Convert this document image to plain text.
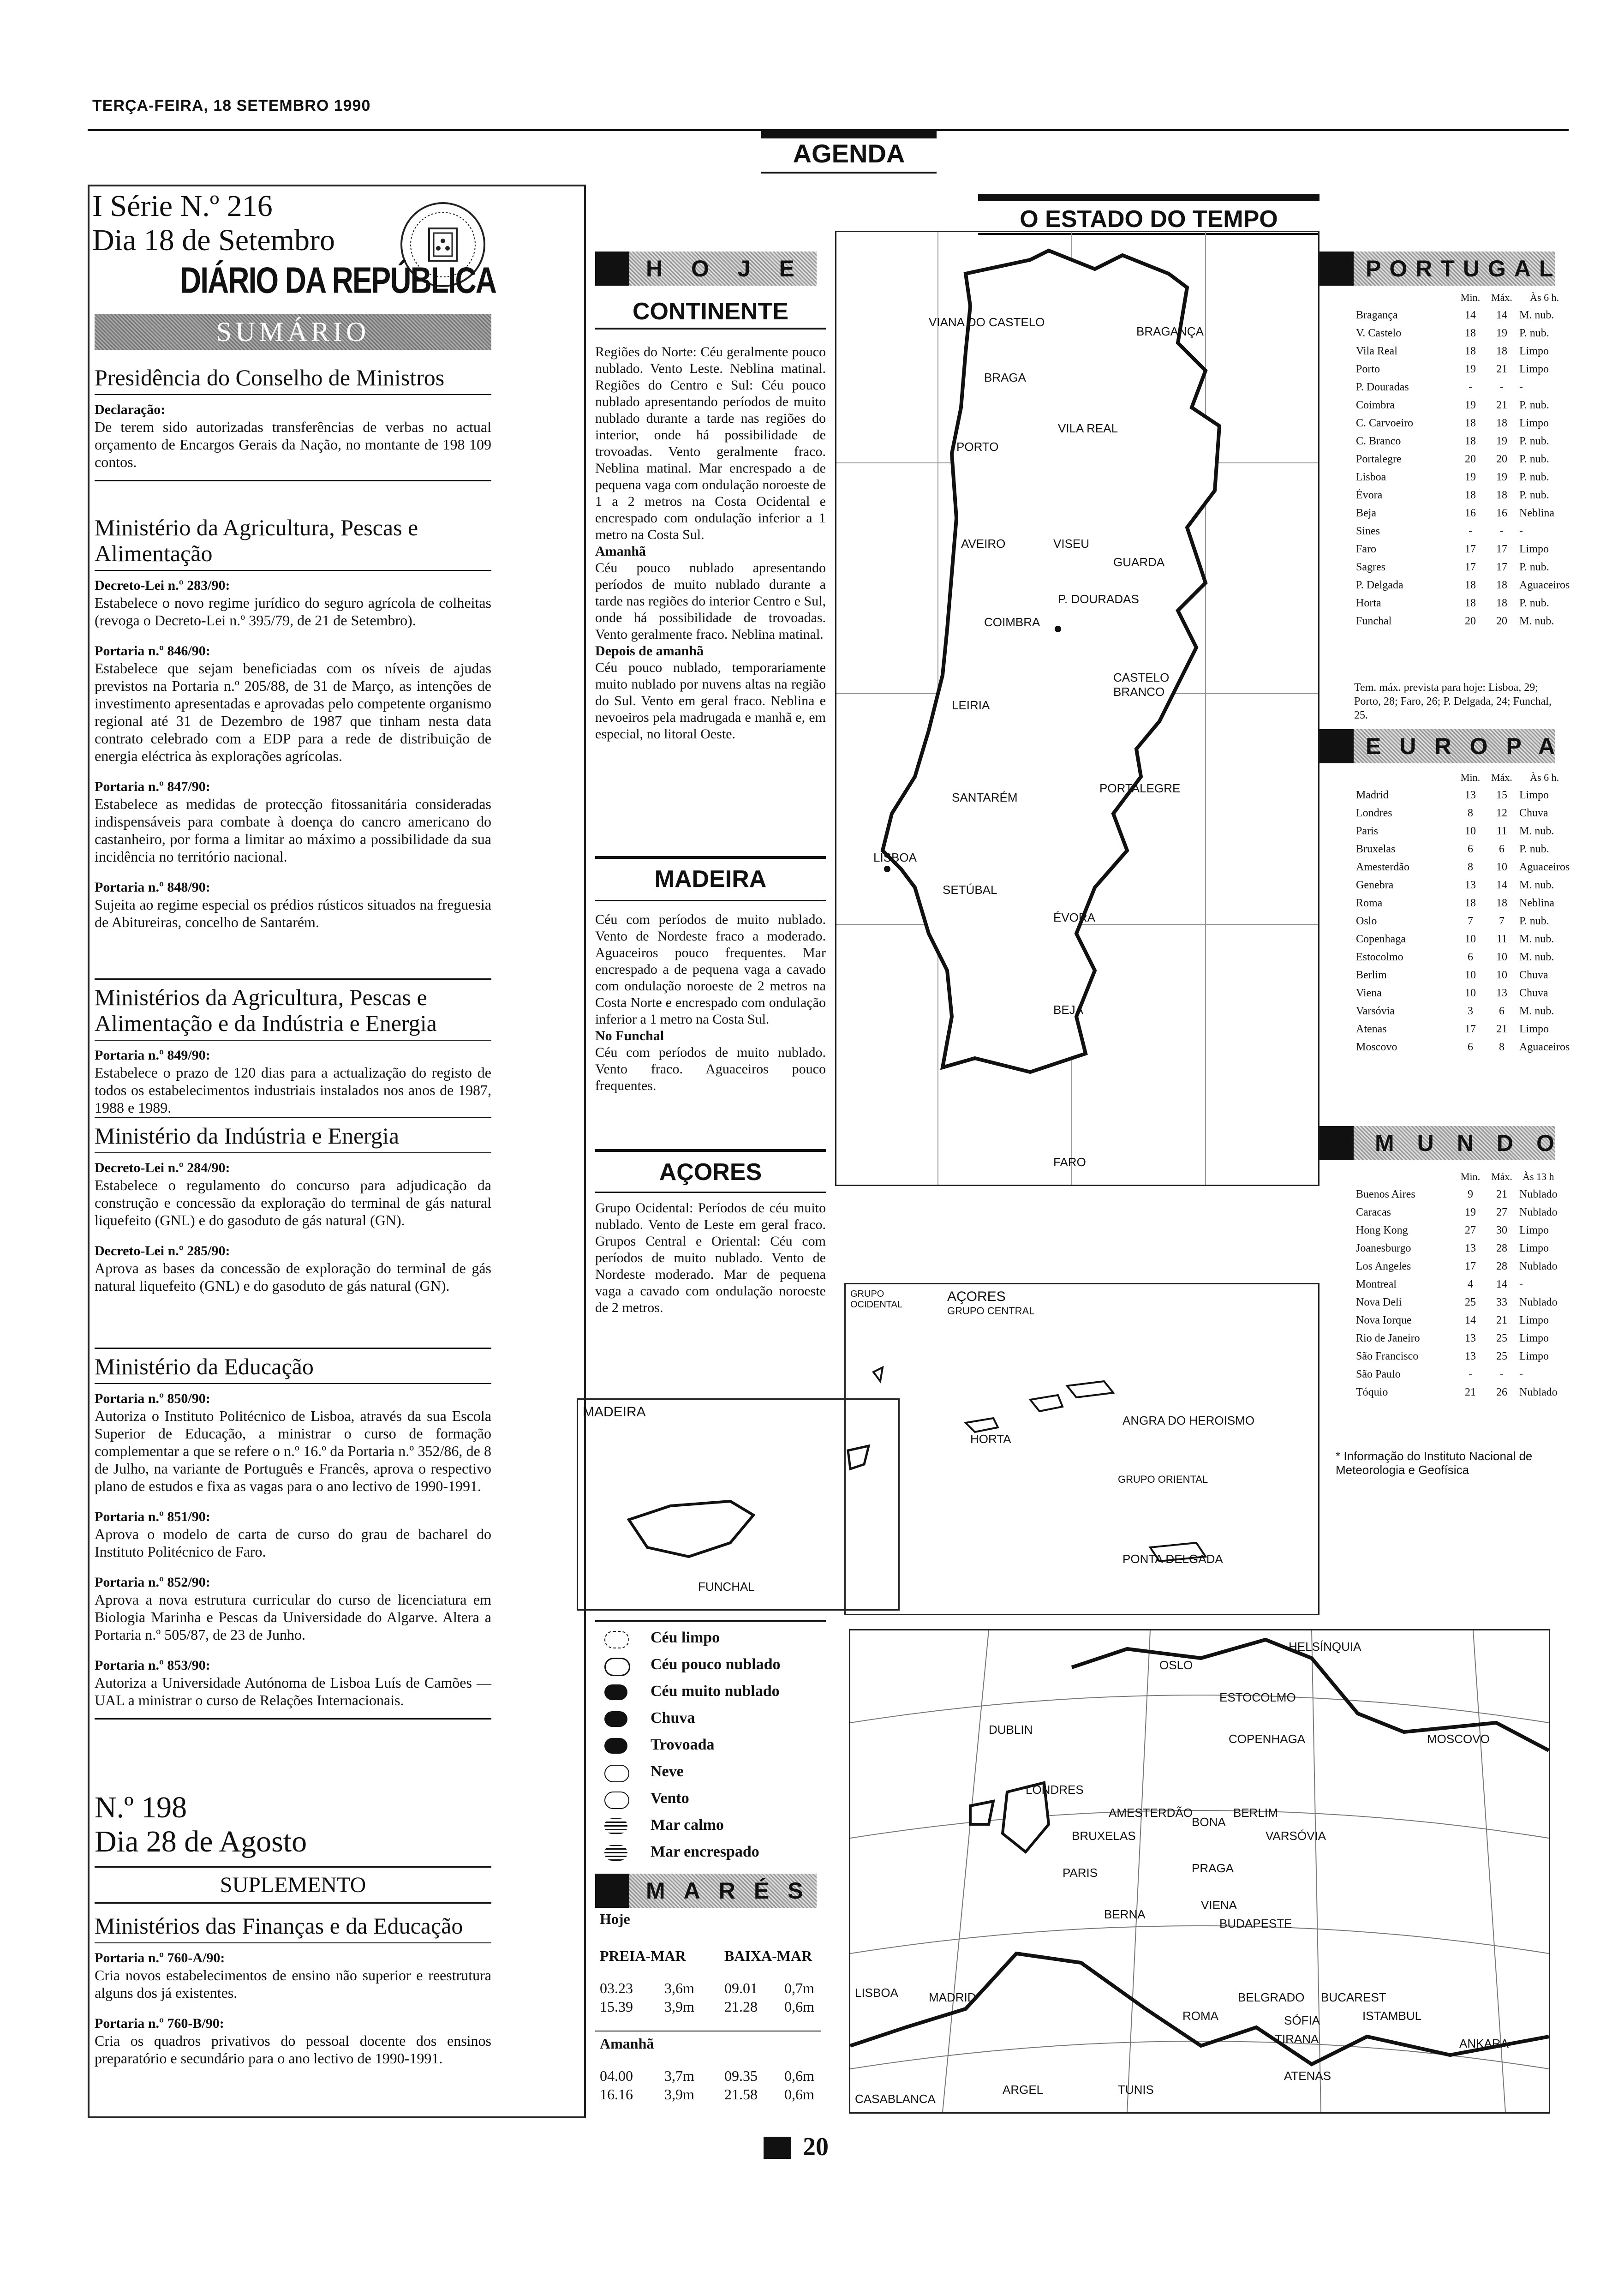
TERÇA-FEIRA, 18 SETEMBRO 1990
AGENDA
I Série N.º 216
Dia 18 de Setembro
DIÁRIO DA REPÚBLICA
SUMÁRIO
Presidência do Conselho de Ministros
Declaração:
De terem sido autorizadas transferências de verbas no actual orçamento de Encargos Gerais da Nação, no montante de 198 109 contos.
Ministério da Agricultura, Pescas e Alimentação
Decreto-Lei n.º 283/90:
Estabelece o novo regime jurídico do seguro agrícola de colheitas (revoga o Decreto-Lei n.º 395/79, de 21 de Setembro).
Portaria n.º 846/90:
Estabelece que sejam beneficiadas com os níveis de ajudas previstos na Portaria n.º 205/88, de 31 de Março, as intenções de investimento apresentadas e aprovadas pelo competente organismo regional até 31 de Dezembro de 1987 que tinham nesta data contrato celebrado com a EDP para a rede de distribuição de energia eléctrica às explorações agrícolas.
Portaria n.º 847/90:
Estabelece as medidas de protecção fitossanitária consideradas indispensáveis para combate à doença do cancro americano do castanheiro, por forma a limitar ao máximo a possibilidade da sua incidência no território nacional.
Portaria n.º 848/90:
Sujeita ao regime especial os prédios rústicos situados na freguesia de Abitureiras, concelho de Santarém.
Ministérios da Agricultura, Pescas e Alimentação e da Indústria e Energia
Portaria n.º 849/90:
Estabelece o prazo de 120 dias para a actualização do registo de todos os estabelecimentos industriais instalados nos anos de 1987, 1988 e 1989.
Ministério da Indústria e Energia
Decreto-Lei n.º 284/90:
Estabelece o regulamento do concurso para adjudicação da construção e concessão da exploração do terminal de gás natural liquefeito (GNL) e do gasoduto de gás natural (GN).
Decreto-Lei n.º 285/90:
Aprova as bases da concessão de exploração do terminal de gás natural liquefeito (GNL) e do gasoduto de gás natural (GN).
Ministério da Educação
Portaria n.º 850/90:
Autoriza o Instituto Politécnico de Lisboa, através da sua Escola Superior de Educação, a ministrar o curso de formação complementar a que se refere o n.º 16.º da Portaria n.º 352/86, de 8 de Julho, na variante de Português e Francês, aprova o respectivo plano de estudos e fixa as vagas para o ano lectivo de 1990-1991.
Portaria n.º 851/90:
Aprova o modelo de carta de curso do grau de bacharel do Instituto Politécnico de Faro.
Portaria n.º 852/90:
Aprova a nova estrutura curricular do curso de licenciatura em Biologia Marinha e Pescas da Universidade do Algarve. Altera a Portaria n.º 505/87, de 23 de Junho.
Portaria n.º 853/90:
Autoriza a Universidade Autónoma de Lisboa Luís de Camões — UAL a ministrar o curso de Relações Internacionais.
N.º 198
Dia 28 de Agosto
SUPLEMENTO
Ministérios das Finanças e da Educação
Portaria n.º 760-A/90:
Cria novos estabelecimentos de ensino não superior e reestrutura alguns dos já existentes.
Portaria n.º 760-B/90:
Cria os quadros privativos do pessoal docente dos ensinos preparatório e secundário para o ano lectivo de 1990-1991.
H O J E
CONTINENTE
Regiões do Norte: Céu geralmente pouco nublado. Vento Leste. Neblina matinal. Regiões do Centro e Sul: Céu pouco nublado apresentando períodos de muito nublado durante a tarde nas regiões do interior, onde há possibilidade de trovoadas. Vento geralmente fraco. Neblina matinal. Mar encrespado a de pequena vaga com ondulação noroeste de 1 a 2 metros na Costa Ocidental e encrespado com ondulação inferior a 1 metro na Costa Sul.
Amanhã
Céu pouco nublado apresentando períodos de muito nublado durante a tarde nas regiões do interior Centro e Sul, onde há possibilidade de trovoadas. Vento geralmente fraco. Neblina matinal.
Depois de amanhã
Céu pouco nublado, temporariamente muito nublado por nuvens altas na região do Sul. Vento em geral fraco. Neblina e nevoeiros pela madrugada e manhã e, em especial, no litoral Oeste.
MADEIRA
Céu com períodos de muito nublado. Vento de Nordeste fraco a moderado. Aguaceiros pouco frequentes. Mar encrespado a de pequena vaga a cavado com ondulação noroeste de 2 metros na Costa Norte e encrespado com ondulação inferior a 1 metro na Costa Sul.
No Funchal
Céu com períodos de muito nublado. Vento fraco. Aguaceiros pouco frequentes.
AÇORES
Grupo Ocidental: Períodos de céu muito nublado. Vento de Leste em geral fraco. Grupos Central e Oriental: Céu com períodos de muito nublado. Vento de Nordeste moderado. Mar de pequena vaga a cavado com ondulação noroeste de 2 metros.
O ESTADO DO TEMPO
VIANA DO CASTELO
BRAGANÇA
BRAGA
VILA REAL
PORTO
AVEIRO	VISEU
GUARDA
P. DOURADAS
COIMBRA
LEIRIA
CASTELO BRANCO
SANTARÉM
PORTALEGRE
LISBOA
SETÚBAL
ÉVORA
BEJA
FARO
MADEIRA
FUNCHAL
AÇORES
GRUPO CENTRAL
GRUPO OCIDENTAL
GRUPO ORIENTAL
HORTA
ANGRA DO HEROISMO
PONTA DELGADA
PORTUGAL
	Min.	Máx.	Às 6 h.
Bragança	14	14	M. nub.
V. Castelo	18	19	P. nub.
Vila Real	18	18	Limpo
Porto	19	21	Limpo
P. Douradas	-	-	-
Coimbra	19	21	P. nub.
C. Carvoeiro	18	18	Limpo
C. Branco	18	19	P. nub.
Portalegre	20	20	P. nub.
Lisboa	19	19	P. nub.
Évora	18	18	P. nub.
Beja	16	16	Neblina
Sines	-	-	-
Faro	17	17	Limpo
Sagres	17	17	P. nub.
P. Delgada	18	18	Aguaceiros
Horta	18	18	P. nub.
Funchal	20	20	M. nub.
Tem. máx. prevista para hoje: Lisboa, 29; Porto, 28; Faro, 26; P. Delgada, 24; Funchal, 25.
EUROPA
	Min.	Máx.	Às 6 h.
Madrid	13	15	Limpo
Londres	8	12	Chuva
Paris	10	11	M. nub.
Bruxelas	6	6	P. nub.
Amesterdão	8	10	Aguaceiros
Genebra	13	14	M. nub.
Roma	18	18	Neblina
Oslo	7	7	P. nub.
Copenhaga	10	11	M. nub.
Estocolmo	6	10	M. nub.
Berlim	10	10	Chuva
Viena	10	13	Chuva
Varsóvia	3	6	M. nub.
Atenas	17	21	Limpo
Moscovo	6	8	Aguaceiros
MUNDO
	Min.	Máx.	Às 13 h
Buenos Aires	9	21	Nublado
Caracas	19	27	Nublado
Hong Kong	27	30	Limpo
Joanesburgo	13	28	Limpo
Los Angeles	17	28	Nublado
Montreal	4	14	-
Nova Deli	25	33	Nublado
Nova Iorque	14	21	Limpo
Rio de Janeiro	13	25	Limpo
São Francisco	13	25	Limpo
São Paulo	-	-	-
Tóquio	21	26	Nublado
* Informação do Instituto Nacional de Meteorologia e Geofísica
Céu limpo
Céu pouco nublado
Céu muito nublado
Chuva
Trovoada
Neve
Vento
Mar calmo
Mar encrespado
MARÉS
Hoje
PREIA-MAR	BAIXA-MAR
03.23 3,6m 09.01 0,7m
15.39 3,9m 21.28 0,6m
Amanhã
04.00 3,7m 09.35 0,6m
16.16 3,9m 21.58 0,6m
OSLO
HELSÍNQUIA
ESTOCOLMO
DUBLIN
COPENHAGA	MOSCOVO
LONDRES
AMESTERDÃO	BERLIM
BRUXELAS
BONA
VARSÓVIA
PARIS	PRAGA
BERNA
VIENA
BUDAPESTE
BELGRADO BUCAREST
LISBOA	MADRID
ROMA	SÓFIA	ISTAMBUL
TIRANA	ANKARA
ATENAS
ARGEL	TUNIS
CASABLANCA
20
